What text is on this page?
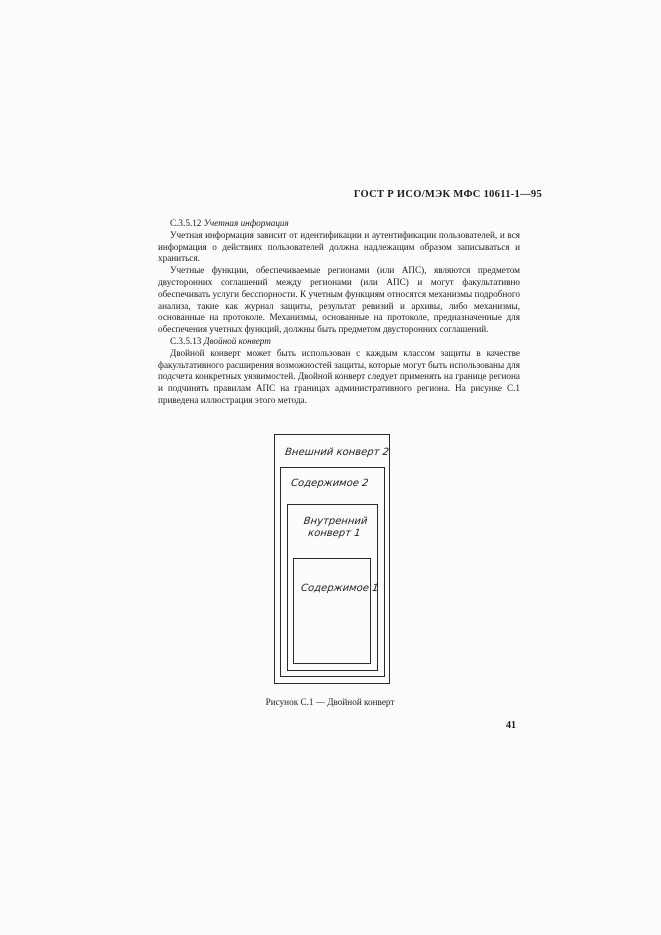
ГОСТ Р ИСО/МЭК МФС 10611-1—95

С.3.5.12 Учетная информация

Учетная информация зависит от идентификации и аутентификации пользователей, и вся информация о действиях пользователей должна надлежащим образом записываться и храниться.

Учетные функции, обеспечиваемые регионами (или АПС), являются предметом двусторонних соглашений между регионами (или АПС) и могут факультативно обеспечивать услуги бесспорности. К учетным функциям относятся механизмы подробного анализа, такие как журнал защиты, результат ревизий и архивы, либо механизмы, основанные на протоколе. Механизмы, основанные на протоколе, предназначенные для обеспечения учетных функций, должны быть предметом двусторонних соглашений.

С.3.5.13 Двойной конверт

Двойной конверт может быть использован с каждым классом защиты в качестве факультативного расширения возможностей защиты, которые могут быть использованы для подсчета конкретных уязвимостей. Двойной конверт следует применять на границе региона и подчинять правилам АПС на границах административного региона. На рисунке С.1 приведена иллюстрация этого метода.

Внешний конверт 2
Содержимое 2
Внутренний
конверт 1
Содержимое 1
Рисунок С.1 — Двойной конверт
41
